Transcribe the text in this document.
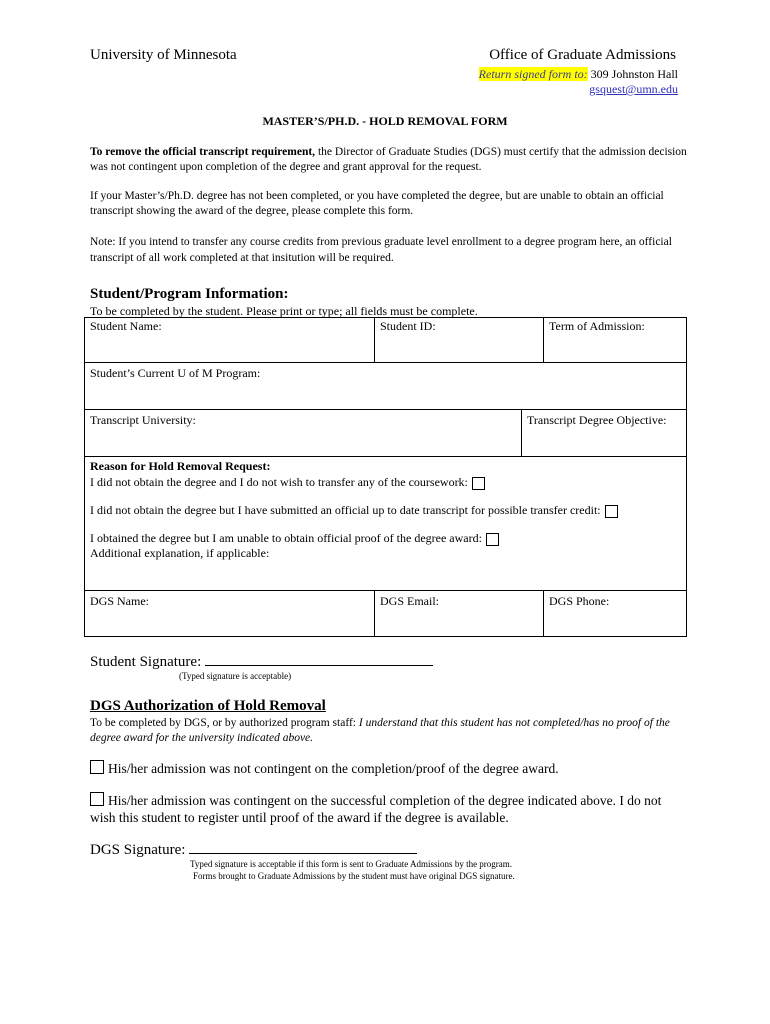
University of Minnesota	Office of Graduate Admissions
Return signed form to: 309 Johnston Hall
gsquest@umn.edu
MASTER’S/PH.D. - HOLD REMOVAL FORM

To remove the official transcript requirement, the Director of Graduate Studies (DGS) must certify that the admission decision was not contingent upon completion of the degree and grant approval for the request.

If your Master’s/Ph.D. degree has not been completed, or you have completed the degree, but are unable to obtain an official transcript showing the award of the degree, please complete this form.

Note: If you intend to transfer any course credits from previous graduate level enrollment to a degree program here, an official transcript of all work completed at that insitution will be required.

Student/Program Information:
To be completed by the student. Please print or type; all fields must be complete.
Student Name:	Student ID:	Term of Admission:
Student’s Current U of M Program:
Transcript University:	Transcript Degree Objective:
Reason for Hold Removal Request:
I did not obtain the degree and I do not wish to transfer any of the coursework:
I did not obtain the degree but I have submitted an official up to date transcript for possible transfer credit:
I obtained the degree but I am unable to obtain official proof of the degree award:
Additional explanation, if applicable:
DGS Name:	DGS Email:	DGS Phone:
Student Signature:
(Typed signature is acceptable)
DGS Authorization of Hold Removal

To be completed by DGS, or by authorized program staff: I understand that this student has not completed/has no proof of the degree award for the university indicated above.

His/her admission was not contingent on the completion/proof of the degree award.
His/her admission was contingent on the successful completion of the degree indicated above. I do not wish this student to register until proof of the award if the degree is available.
DGS Signature:
Typed signature is acceptable if this form is sent to Graduate Admissions by the program.
Forms brought to Graduate Admissions by the student must have original DGS signature.
